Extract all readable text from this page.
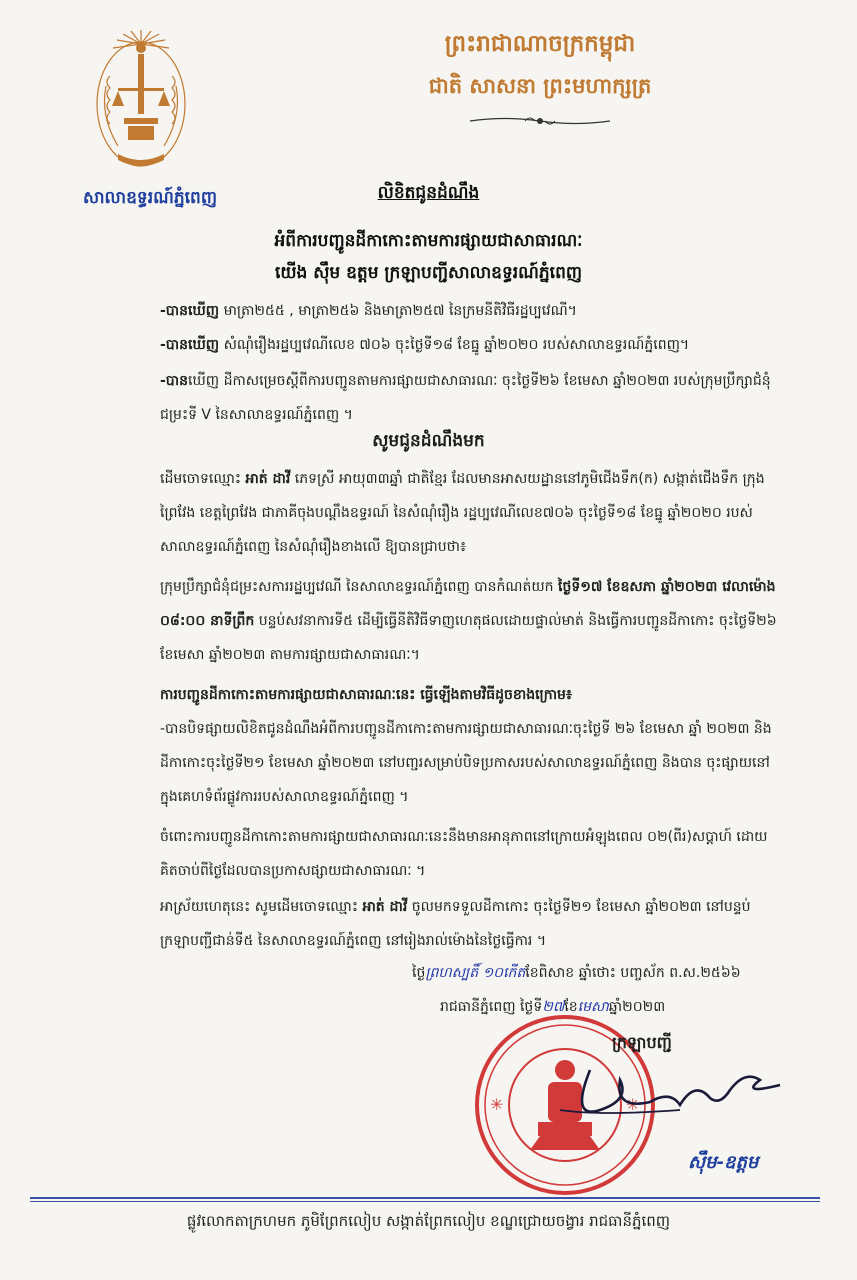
សាលាឧទ្ធរណ៍ភ្នំពេញ
ព្រះរាជាណាចក្រកម្ពុជា
ជាតិ សាសនា ព្រះមហាក្សត្រ
លិខិតជូនដំណឹង
អំពីការបញ្ជូនដីកាកោះតាមការផ្សាយជាសាធារណៈ
យើង ស៊ឹម ឧត្តម ក្រឡាបញ្ជីសាលាឧទ្ធរណ៍ភ្នំពេញ
-បានឃើញ មាត្រា២៥៥ , មាត្រា២៥៦ និងមាត្រា២៥៧ នៃក្រមនីតិវិធីរដ្ឋប្បវេណី។
-បានឃើញ សំណុំរឿងរដ្ឋប្បវេណីលេខ ៧០៦ ចុះថ្ងៃទី១៨ ខែធ្នូ ឆ្នាំ២០២០ របស់សាលាឧទ្ធរណ៍ភ្នំពេញ។
-បានឃើញ ដីកាសម្រេចស្តីពីការបញ្ជូនតាមការផ្សាយជាសាធារណៈ ចុះថ្ងៃទី២៦ ខែមេសា ឆ្នាំ២០២៣ របស់ក្រុមប្រឹក្សាជំនុំជម្រះទី V នៃសាលាឧទ្ធរណ៍ភ្នំពេញ ។
សូមជូនដំណឹងមក
ដើមចោទឈ្មោះ អាត់ ដាវី ភេទស្រី អាយុ៣៣ឆ្នាំ ជាតិខ្មែរ ដែលមានអាសយដ្ឋាននៅភូមិជើងទឹក(ក) សង្កាត់ជើងទឹក ក្រុងព្រៃវែង ខេត្តព្រៃវែង ជាភាគីចុងបណ្តឹងឧទ្ធរណ៍ នៃសំណុំរឿង រដ្ឋប្បវេណីលេខ៧០៦ ចុះថ្ងៃទី១៨ ខែធ្នូ ឆ្នាំ២០២០ របស់សាលាឧទ្ធរណ៍ភ្នំពេញ នៃសំណុំរឿងខាងលើ ឱ្យបានជ្រាបថា៖
ក្រុមប្រឹក្សាជំនុំជម្រះសការរដ្ឋប្បវេណី នៃសាលាឧទ្ធរណ៍ភ្នំពេញ បានកំណត់យក ថ្ងៃទី១៧ ខែឧសភា ឆ្នាំ២០២៣ វេលាម៉ោង ០៨:០០ នាទីព្រឹក បន្ទប់សវនាការទី៥ ដើម្បីធ្វើនីតិវិធីទាញហេតុផលដោយផ្ទាល់មាត់ និងធ្វើការបញ្ជូនដីកាកោះ ចុះថ្ងៃទី២៦ ខែមេសា ឆ្នាំ២០២៣ តាមការផ្សាយជាសាធារណៈ។
ការបញ្ជូនដីកាកោះតាមការផ្សាយជាសាធារណៈនេះ ធ្វើឡើងតាមវិធីដូចខាងក្រោម៖
-បានបិទផ្សាយលិខិតជូនដំណឹងអំពីការបញ្ជូនដីកាកោះតាមការផ្សាយជាសាធារណៈចុះថ្ងៃទី ២៦ ខែមេសា ឆ្នាំ ២០២៣ និងដីកាកោះចុះថ្ងៃទី២១ ខែមេសា ឆ្នាំ២០២៣ នៅបញ្ជរសម្រាប់បិទប្រកាសរបស់សាលាឧទ្ធរណ៍ភ្នំពេញ និងបាន ចុះផ្សាយនៅ ក្នុងគេហទំព័រផ្លូវការរបស់សាលាឧទ្ធរណ៍ភ្នំពេញ ។
ចំពោះការបញ្ជូនដីកាកោះតាមការផ្សាយជាសាធារណៈនេះនឹងមានអានុភាពនៅក្រោយអំឡុងពេល ០២(ពីរ)សប្តាហ៍ ដោយគិតចាប់ពីថ្ងៃដែលបានប្រកាសផ្សាយជាសាធារណៈ ។
អាស្រ័យហេតុនេះ សូមដើមចោទឈ្មោះ អាត់ ដាវី ចូលមកទទួលដីកាកោះ ចុះថ្ងៃទី២១ ខែមេសា ឆ្នាំ២០២៣ នៅបន្ទប់ក្រឡាបញ្ជីជាន់ទី៥ នៃសាលាឧទ្ធរណ៍ភ្នំពេញ នៅរៀងរាល់ម៉ោងនៃថ្ងៃធ្វើការ ។
ថ្ងៃព្រហស្បតិ៍ ១០កើតខែពិសាខ ឆ្នាំថោះ បញ្ចស័ក ព.ស.២៥៦៦
រាជធានីភ្នំពេញ ថ្ងៃទី២៧ខែមេសាឆ្នាំ២០២៣
✳	✳
ក្រឡាបញ្ជី
ស៊ឹម-ឧត្តម
ផ្លូវលោកតាក្រហមក ភូមិព្រែកលៀប សង្កាត់ព្រែកលៀប ខណ្ឌជ្រោយចង្វារ រាជធានីភ្នំពេញ
